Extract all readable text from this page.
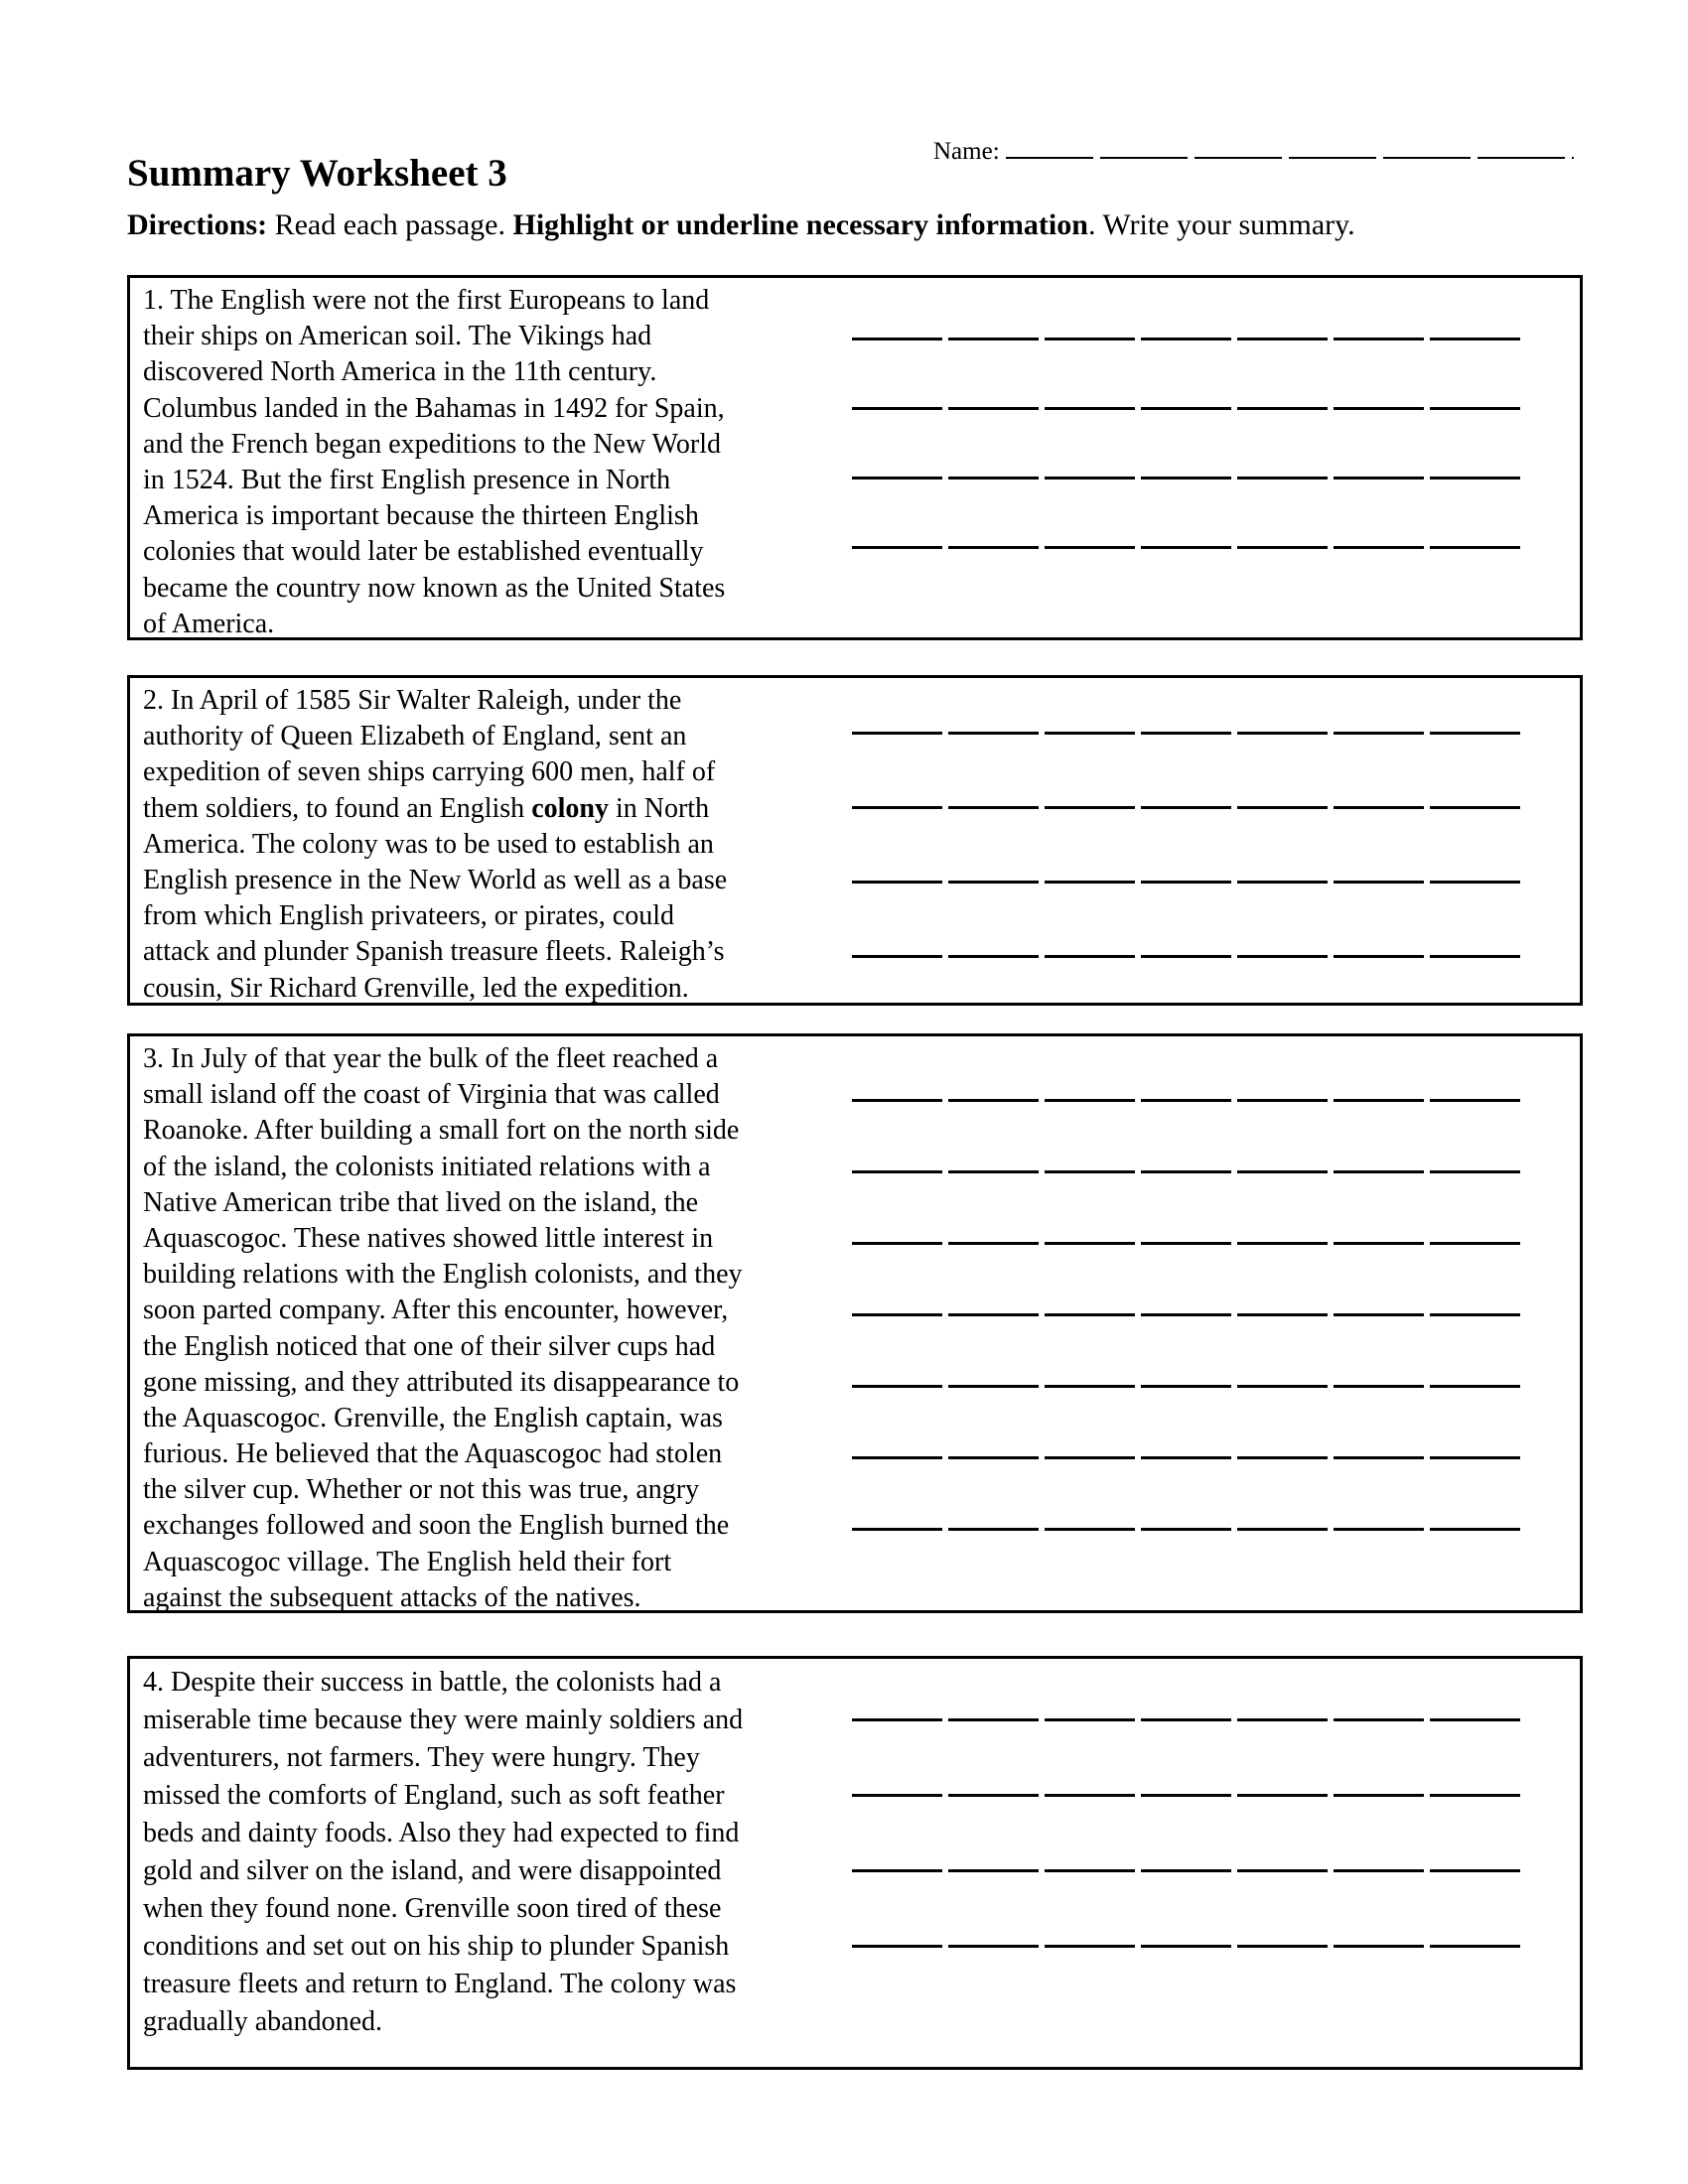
Name:
Summary Worksheet 3
Directions: Read each passage. Highlight or underline necessary information. Write your summary.
1. The English were not the first Europeans to land
their ships on American soil. The Vikings had
discovered North America in the 11th century.
Columbus landed in the Bahamas in 1492 for Spain,
and the French began expeditions to the New World
in 1524. But the first English presence in North
America is important because the thirteen English
colonies that would later be established eventually
became the country now known as the United States
of America.
2. In April of 1585 Sir Walter Raleigh, under the
authority of Queen Elizabeth of England, sent an
expedition of seven ships carrying 600 men, half of
them soldiers, to found an English colony in North
America. The colony was to be used to establish an
English presence in the New World as well as a base
from which English privateers, or pirates, could
attack and plunder Spanish treasure fleets. Raleigh’s
cousin, Sir Richard Grenville, led the expedition.
3. In July of that year the bulk of the fleet reached a
small island off the coast of Virginia that was called
Roanoke. After building a small fort on the north side
of the island, the colonists initiated relations with a
Native American tribe that lived on the island, the
Aquascogoc. These natives showed little interest in
building relations with the English colonists, and they
soon parted company. After this encounter, however,
the English noticed that one of their silver cups had
gone missing, and they attributed its disappearance to
the Aquascogoc. Grenville, the English captain, was
furious. He believed that the Aquascogoc had stolen
the silver cup. Whether or not this was true, angry
exchanges followed and soon the English burned the
Aquascogoc village. The English held their fort
against the subsequent attacks of the natives.
4. Despite their success in battle, the colonists had a
miserable time because they were mainly soldiers and
adventurers, not farmers. They were hungry. They
missed the comforts of England, such as soft feather
beds and dainty foods. Also they had expected to find
gold and silver on the island, and were disappointed
when they found none. Grenville soon tired of these
conditions and set out on his ship to plunder Spanish
treasure fleets and return to England. The colony was
gradually abandoned.
